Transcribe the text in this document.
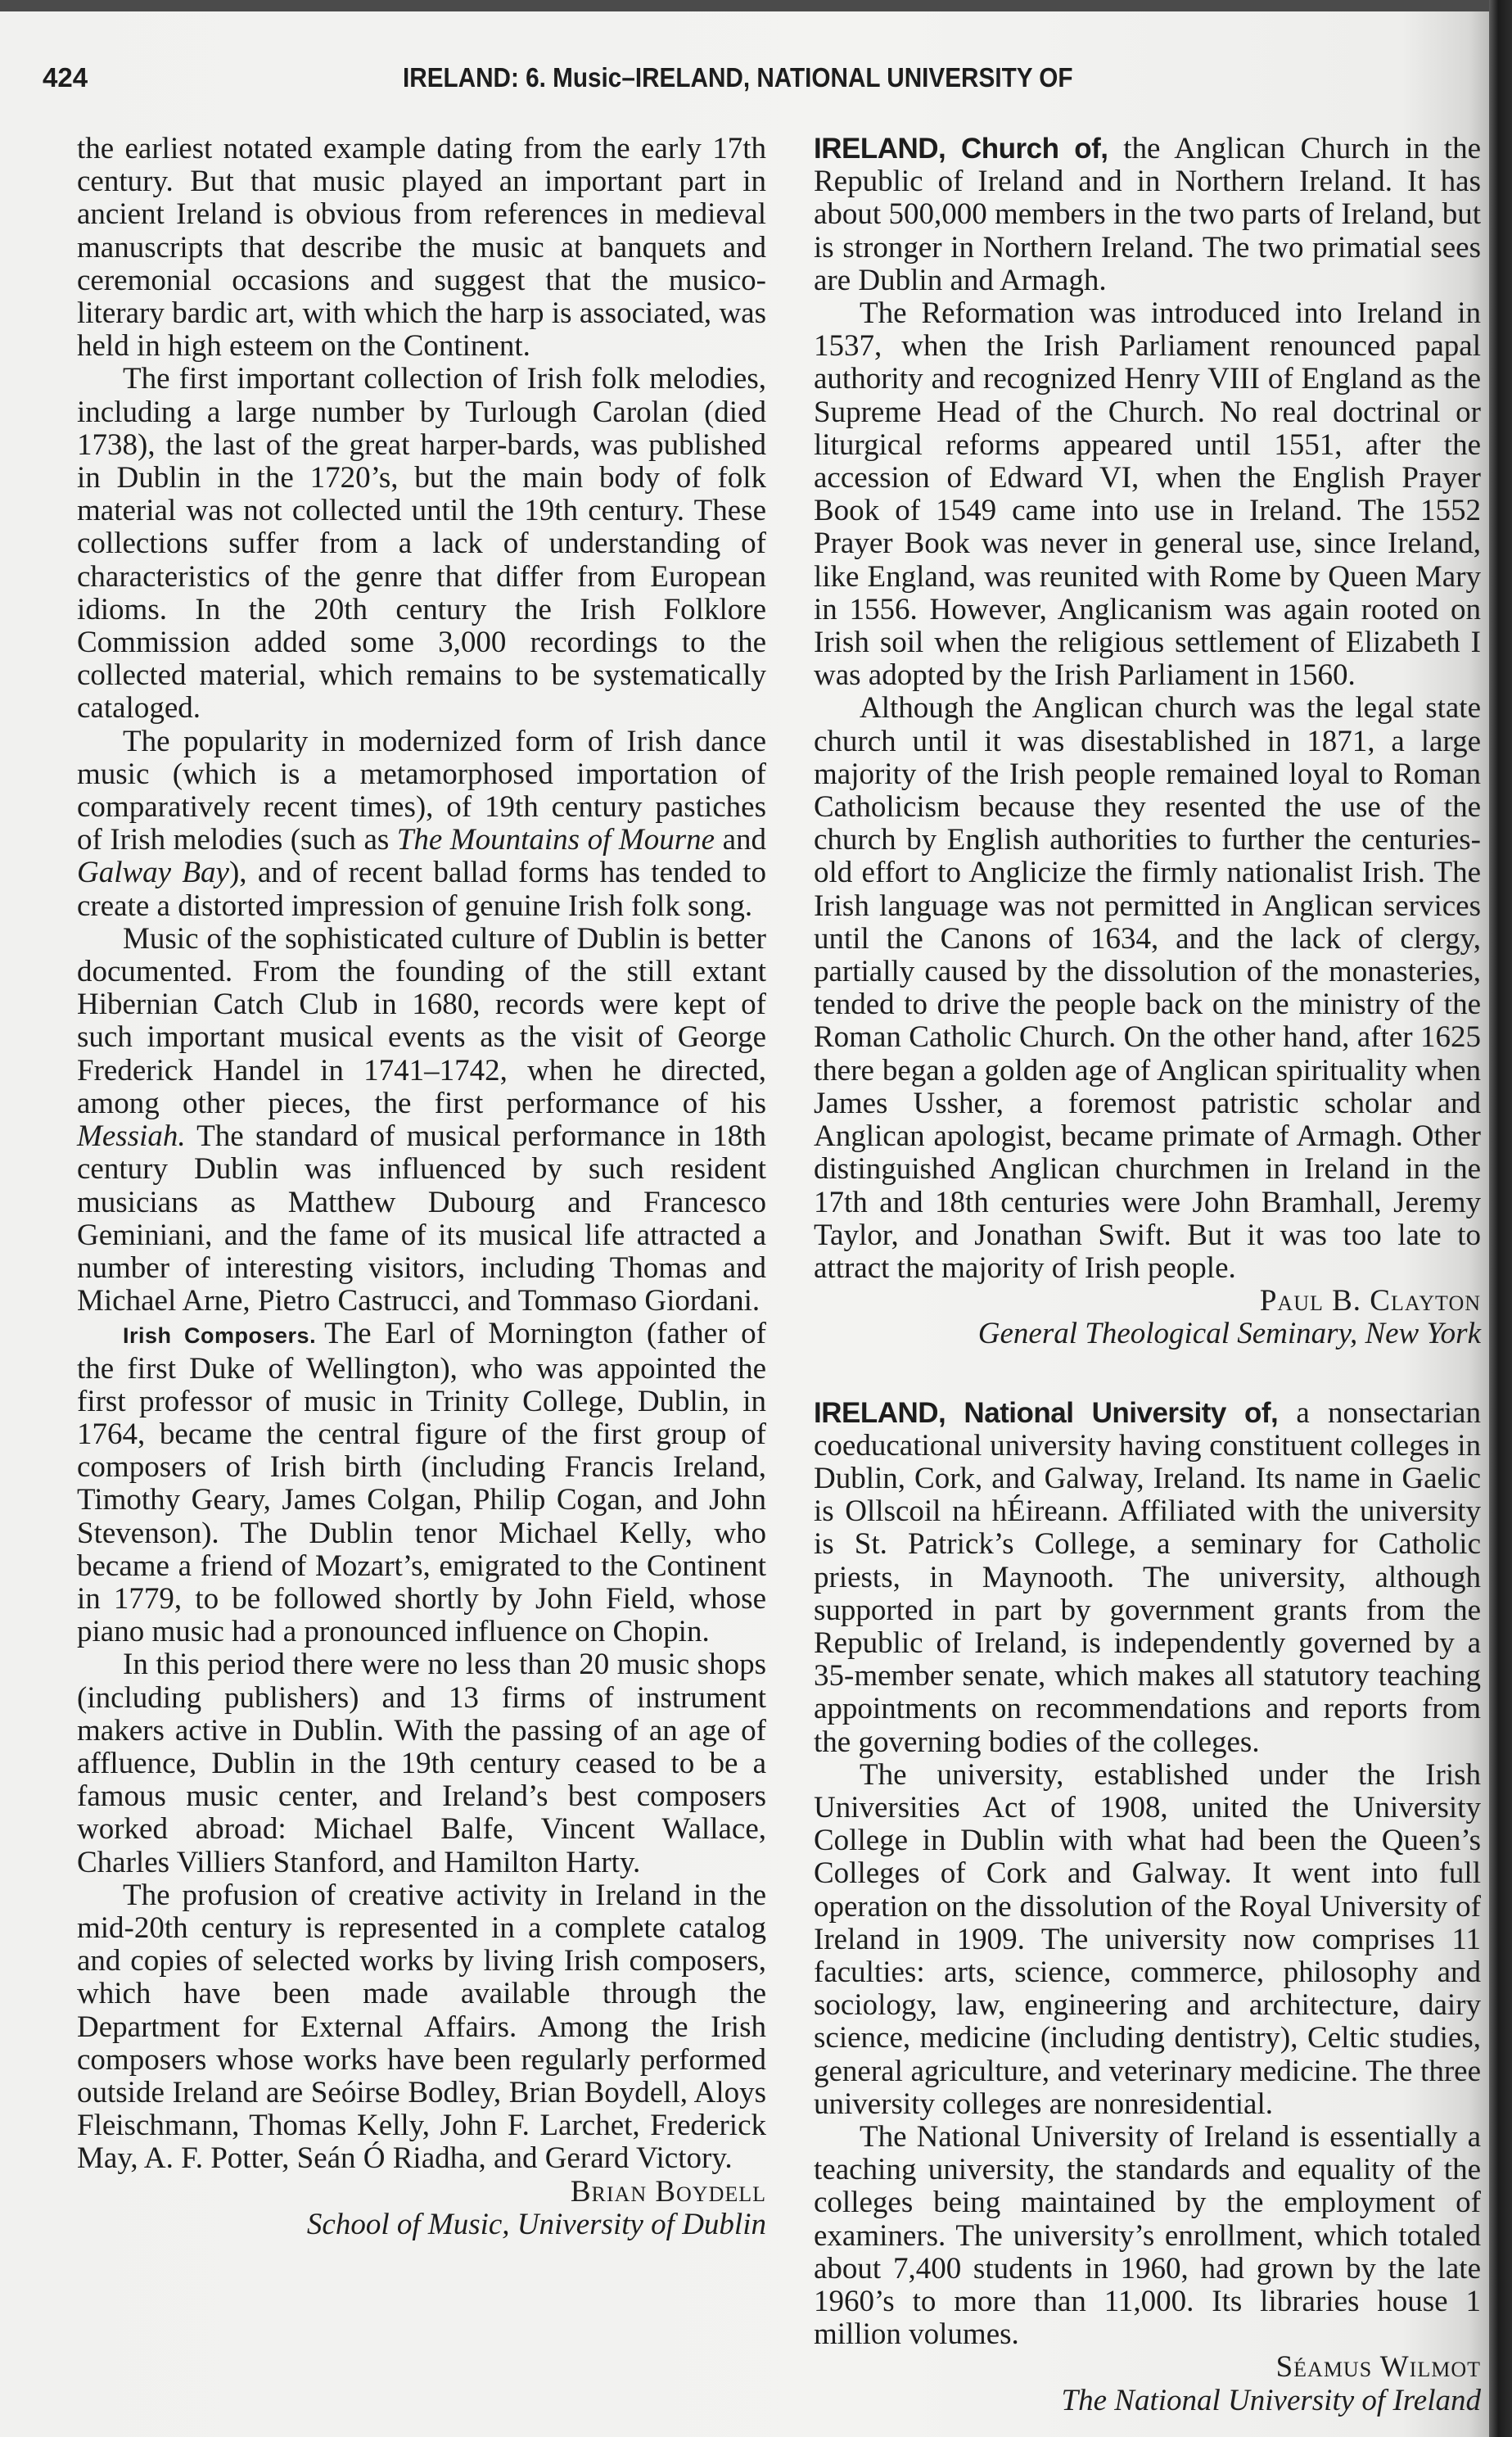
424	IRELAND: 6. Music–IRELAND, NATIONAL UNIVERSITY OF

the earliest notated example dating from the early 17th century. But that music played an important part in ancient Ireland is obvious from references in medieval manuscripts that describe the music at banquets and ceremonial occasions and suggest that the musico-literary bardic art, with which the harp is associated, was held in high esteem on the Continent.

The first important collection of Irish folk melodies, including a large number by Turlough Carolan (died 1738), the last of the great harper-bards, was published in Dublin in the 1720’s, but the main body of folk material was not collected until the 19th century. These collections suffer from a lack of understanding of characteristics of the genre that differ from European idioms. In the 20th century the Irish Folklore Commission added some 3,000 recordings to the collected material, which remains to be systematically cataloged.

The popularity in modernized form of Irish dance music (which is a metamorphosed importation of comparatively recent times), of 19th century pastiches of Irish melodies (such as The Mountains of Mourne and Galway Bay), and of recent ballad forms has tended to create a distorted impression of genuine Irish folk song.

Music of the sophisticated culture of Dublin is better documented. From the founding of the still extant Hibernian Catch Club in 1680, records were kept of such important musical events as the visit of George Frederick Handel in 1741–1742, when he directed, among other pieces, the first performance of his Messiah. The standard of musical performance in 18th century Dublin was influenced by such resident musicians as Matthew Dubourg and Francesco Geminiani, and the fame of its musical life attracted a number of interesting visitors, including Thomas and Michael Arne, Pietro Castrucci, and Tommaso Giordani.

Irish Composers. The Earl of Mornington (father of the first Duke of Wellington), who was appointed the first professor of music in Trinity College, Dublin, in 1764, became the central figure of the first group of composers of Irish birth (including Francis Ireland, Timothy Geary, James Colgan, Philip Cogan, and John Stevenson). The Dublin tenor Michael Kelly, who became a friend of Mozart’s, emigrated to the Continent in 1779, to be followed shortly by John Field, whose piano music had a pronounced influence on Chopin.

In this period there were no less than 20 music shops (including publishers) and 13 firms of instrument makers active in Dublin. With the passing of an age of affluence, Dublin in the 19th century ceased to be a famous music center, and Ireland’s best composers worked abroad: Michael Balfe, Vincent Wallace, Charles Villiers Stanford, and Hamilton Harty.

The profusion of creative activity in Ireland in the mid-20th century is represented in a complete catalog and copies of selected works by living Irish composers, which have been made available through the Department for External Affairs. Among the Irish composers whose works have been regularly performed outside Ireland are Seóirse Bodley, Brian Boydell, Aloys Fleischmann, Thomas Kelly, John F. Larchet, Frederick May, A. F. Potter, Seán Ó Riadha, and Gerard Victory.

Brian Boydell

School of Music, University of Dublin

IRELAND, Church of, the Anglican Church in the Republic of Ireland and in Northern Ireland. It has about 500,000 members in the two parts of Ireland, but is stronger in Northern Ireland. The two primatial sees are Dublin and Armagh.

The Reformation was introduced into Ireland in 1537, when the Irish Parliament renounced papal authority and recognized Henry VIII of England as the Supreme Head of the Church. No real doctrinal or liturgical reforms appeared until 1551, after the accession of Edward VI, when the English Prayer Book of 1549 came into use in Ireland. The 1552 Prayer Book was never in general use, since Ireland, like England, was reunited with Rome by Queen Mary in 1556. However, Anglicanism was again rooted on Irish soil when the religious settlement of Elizabeth I was adopted by the Irish Parliament in 1560.

Although the Anglican church was the legal state church until it was disestablished in 1871, a large majority of the Irish people remained loyal to Roman Catholicism because they resented the use of the church by English authorities to further the centuries-old effort to Anglicize the firmly nationalist Irish. The Irish language was not permitted in Anglican services until the Canons of 1634, and the lack of clergy, partially caused by the dissolution of the monasteries, tended to drive the people back on the ministry of the Roman Catholic Church. On the other hand, after 1625 there began a golden age of Anglican spirituality when James Ussher, a foremost patristic scholar and Anglican apologist, became primate of Armagh. Other distinguished Anglican churchmen in Ireland in the 17th and 18th centuries were John Bramhall, Jeremy Taylor, and Jonathan Swift. But it was too late to attract the majority of Irish people.

Paul B. Clayton

General Theological Seminary, New York

IRELAND, National University of, a nonsectarian coeducational university having constituent colleges in Dublin, Cork, and Galway, Ireland. Its name in Gaelic is Ollscoil na hÉireann. Affiliated with the university is St. Patrick’s College, a seminary for Catholic priests, in Maynooth. The university, although supported in part by government grants from the Republic of Ireland, is independently governed by a 35-member senate, which makes all statutory teaching appointments on recommendations and reports from the governing bodies of the colleges.

The university, established under the Irish Universities Act of 1908, united the University College in Dublin with what had been the Queen’s Colleges of Cork and Galway. It went into full operation on the dissolution of the Royal University of Ireland in 1909. The university now comprises 11 faculties: arts, science, commerce, philosophy and sociology, law, engineering and architecture, dairy science, medicine (including dentistry), Celtic studies, general agriculture, and veterinary medicine. The three university colleges are nonresidential.

The National University of Ireland is essentially a teaching university, the standards and equality of the colleges being maintained by the employment of examiners. The university’s enrollment, which totaled about 7,400 students in 1960, had grown by the late 1960’s to more than 11,000. Its libraries house 1 million volumes.

Séamus Wilmot

The National University of Ireland
